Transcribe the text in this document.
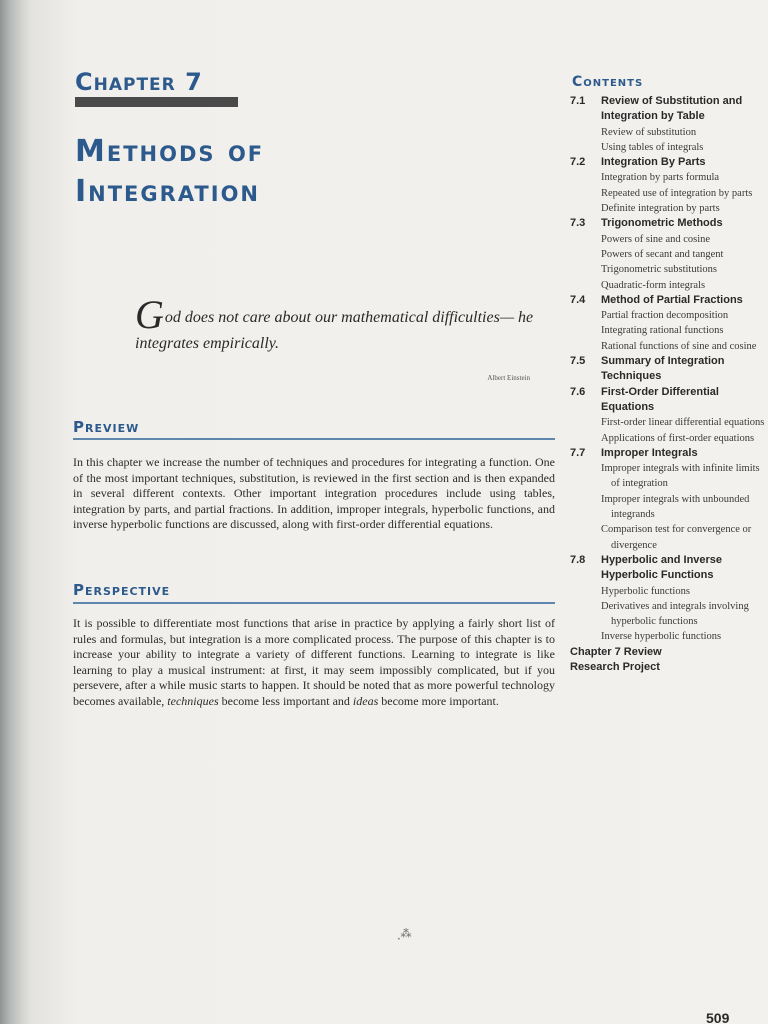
Chapter 7
Methods of Integration
God does not care about our mathematical difficulties— he integrates empirically.
Albert Einstein
Preview

In this chapter we increase the number of techniques and procedures for integrating a function. One of the most important techniques, substitution, is reviewed in the first section and is then expanded in several different contexts. Other important integration procedures include using tables, integration by parts, and partial fractions. In addition, improper integrals, hyperbolic functions, and inverse hyperbolic functions are discussed, along with first-order differential equations.

Perspective

It is possible to differentiate most functions that arise in practice by applying a fairly short list of rules and formulas, but integration is a more complicated process. The purpose of this chapter is to increase your ability to integrate a variety of different functions. Learning to integrate is like learning to play a musical instrument: at first, it may seem impossibly complicated, but if you persevere, after a while music starts to happen. It should be noted that as more powerful technology becomes available, techniques become less important and ideas become more important.

Contents
7.1 Review of Substitution and Integration by Table
Review of substitution
Using tables of integrals
7.2 Integration By Parts
Integration by parts formula
Repeated use of integration by parts
Definite integration by parts
7.3 Trigonometric Methods
Powers of sine and cosine
Powers of secant and tangent
Trigonometric substitutions
Quadratic-form integrals
7.4 Method of Partial Fractions
Partial fraction decomposition
Integrating rational functions
Rational functions of sine and cosine
7.5 Summary of Integration Techniques
7.6 First-Order Differential Equations
First-order linear differential equations
Applications of first-order equations
7.7 Improper Integrals
Improper integrals with infinite limits of integration
Improper integrals with unbounded integrands
Comparison test for convergence or divergence
7.8 Hyperbolic and Inverse Hyperbolic Functions
Hyperbolic functions
Derivatives and integrals involving hyperbolic functions
Inverse hyperbolic functions
Chapter 7 Review
Research Project
⸼⁂
509
